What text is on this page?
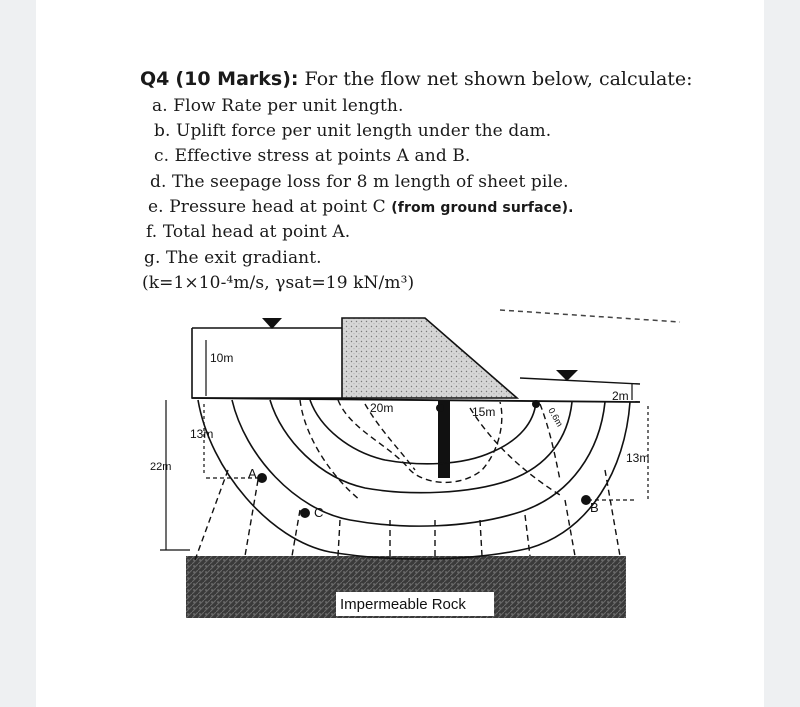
Q4 (10 Marks): For the flow net shown below, calculate:
a. Flow Rate per unit length.
b. Uplift force per unit length under the dam.
c. Effective stress at points A and B.
d. The seepage loss for 8 m length of sheet pile.
e. Pressure head at point C (from ground surface).
f. Total head at point A.
g. The exit gradiant.
(k=1×10-⁴m/s, γsat=19 kN/m³)
Impermeable Rock
10m
13m
22m
20m	15m
2m
13m
0.6m
A
B
C
